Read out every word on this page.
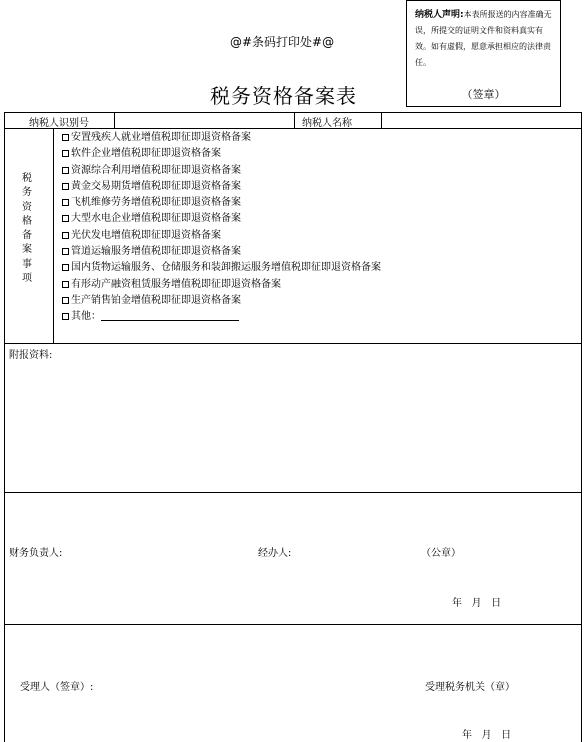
@#条码打印处#@
纳税人声明:本表所报送的内容准确无误，所提交的证明文件和资料真实有效。如有虚假，愿意承担相应的法律责任。
（签章）
税务资格备案表
纳税人识别号	纳税人名称
税务资格备案事项
安置残疾人就业增值税即征即退资格备案
软件企业增值税即征即退资格备案
资源综合利用增值税即征即退资格备案
黄金交易期货增值税即征即退资格备案
飞机维修劳务增值税即征即退资格备案
大型水电企业增值税即征即退资格备案
光伏发电增值税即征即退资格备案
管道运输服务增值税即征即退资格备案
国内货物运输服务、仓储服务和装卸搬运服务增值税即征即退资格备案
有形动产融资租赁服务增值税即征即退资格备案
生产销售铂金增值税即征即退资格备案
其他：
附报资料:
财务负责人:	经办人:	（公章）
年   月   日
受理人（签章）:	受理税务机关（章）
年   月   日
